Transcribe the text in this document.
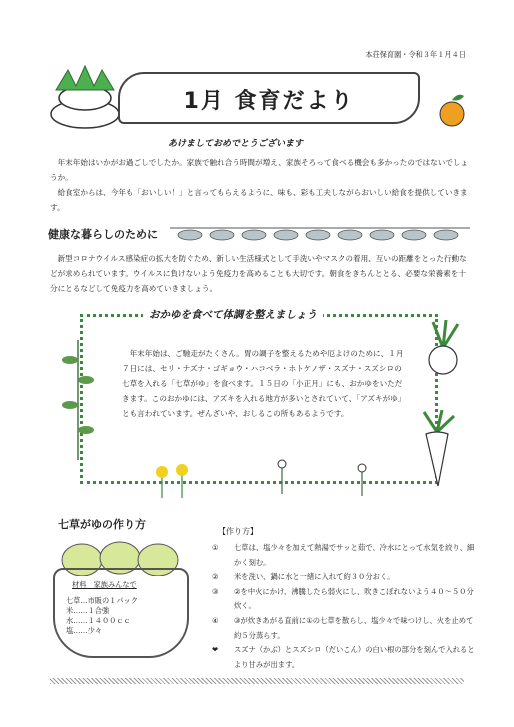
本荘保育園・令和３年１月４日
1月 食育だより
あけましておめでとうございます

　年末年始はいかがお過ごしでしたか。家族で触れ合う時間が増え、家族そろって食べる機会も多かったのではないでしょうか。

　給食室からは、今年も「おいしい！」と言ってもらえるように、味も、彩も工夫しながらおいしい給食を提供していきます。

健康な暮らしのために
　新型コロナウイルス感染症の拡大を防ぐため、新しい生活様式として手洗いやマスクの着用、互いの距離をとった行動などが求められています。ウイルスに負けないよう免疫力を高めることも大切です。朝食をきちんととる、必要な栄養素を十分にとるなどして免疫力を高めていきましょう。
おかゆを食べて体調を整えましょう
　年末年始は、ご馳走がたくさん。胃の調子を整えるためや厄よけのために、１月７日には、セリ・ナズナ・ゴギョウ・ハコベラ・ホトケノザ・スズナ・スズシロの七草を入れる「七草がゆ」を食べます。１５日の「小正月」にも、おかゆをいただきます。このおかゆには、アズキを入れる地方が多いとされていて、「アズキがゆ」とも言われています。ぜんざいや、おしるこの所もあるようです。
七草がゆの作り方
材料　家族みんなで
七草…市販の１パック
米……１合強
水……１４００ｃｃ
塩……少々
【作り方】
①	七草は、塩少々を加えて熱湯でサッと茹で、冷水にとって水気を絞り、細かく刻む。
②	米を洗い、鍋に水と一緒に入れて約３０分おく。
③	②を中火にかけ、沸騰したら弱火にし、吹きこぼれないよう４０～５０分炊く。
④	③が炊きあがる直前に①の七草を散らし、塩少々で味つけし、火を止めて約５分蒸らす。
❤	スズナ（かぶ）とスズシロ（だいこん）の白い根の部分を刻んで入れるとより甘みが出ます。
